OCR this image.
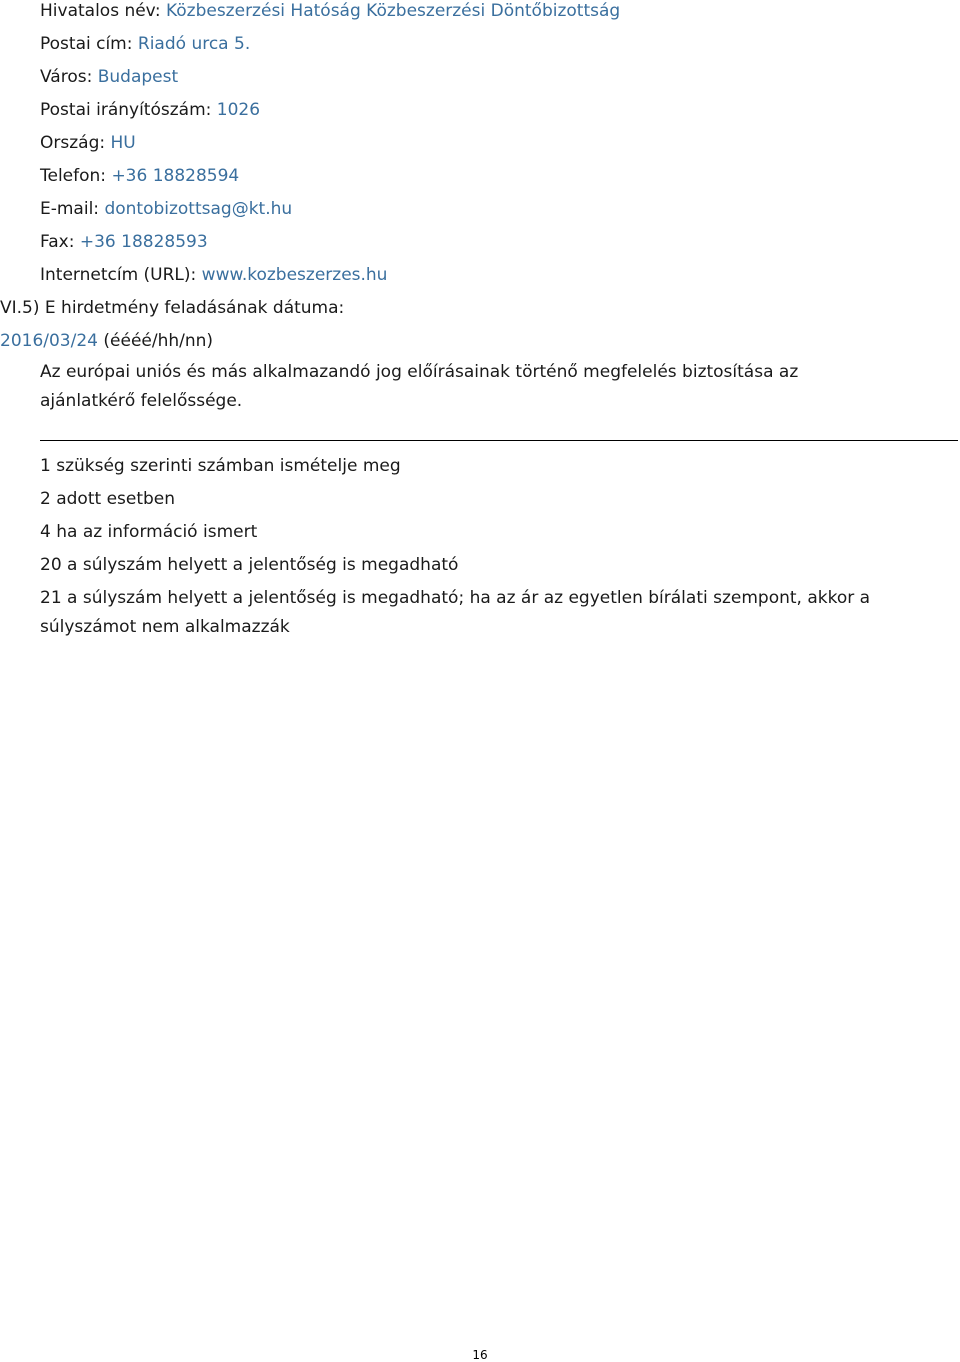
Hivatalos név: Közbeszerzési Hatóság Közbeszerzési Döntőbizottság
Postai cím: Riadó urca 5.
Város: Budapest
Postai irányítószám: 1026
Ország: HU
Telefon: +36 18828594
E-mail: dontobizottsag@kt.hu
Fax: +36 18828593
Internetcím (URL): www.kozbeszerzes.hu
VI.5) E hirdetmény feladásának dátuma:
2016/03/24 (éééé/hh/nn)
Az európai uniós és más alkalmazandó jog előírásainak történő megfelelés biztosítása az
ajánlatkérő felelőssége.
1 szükség szerinti számban ismételje meg
2 adott esetben
4 ha az információ ismert
20 a súlyszám helyett a jelentőség is megadható
21 a súlyszám helyett a jelentőség is megadható; ha az ár az egyetlen bírálati szempont, akkor a
súlyszámot nem alkalmazzák
16
